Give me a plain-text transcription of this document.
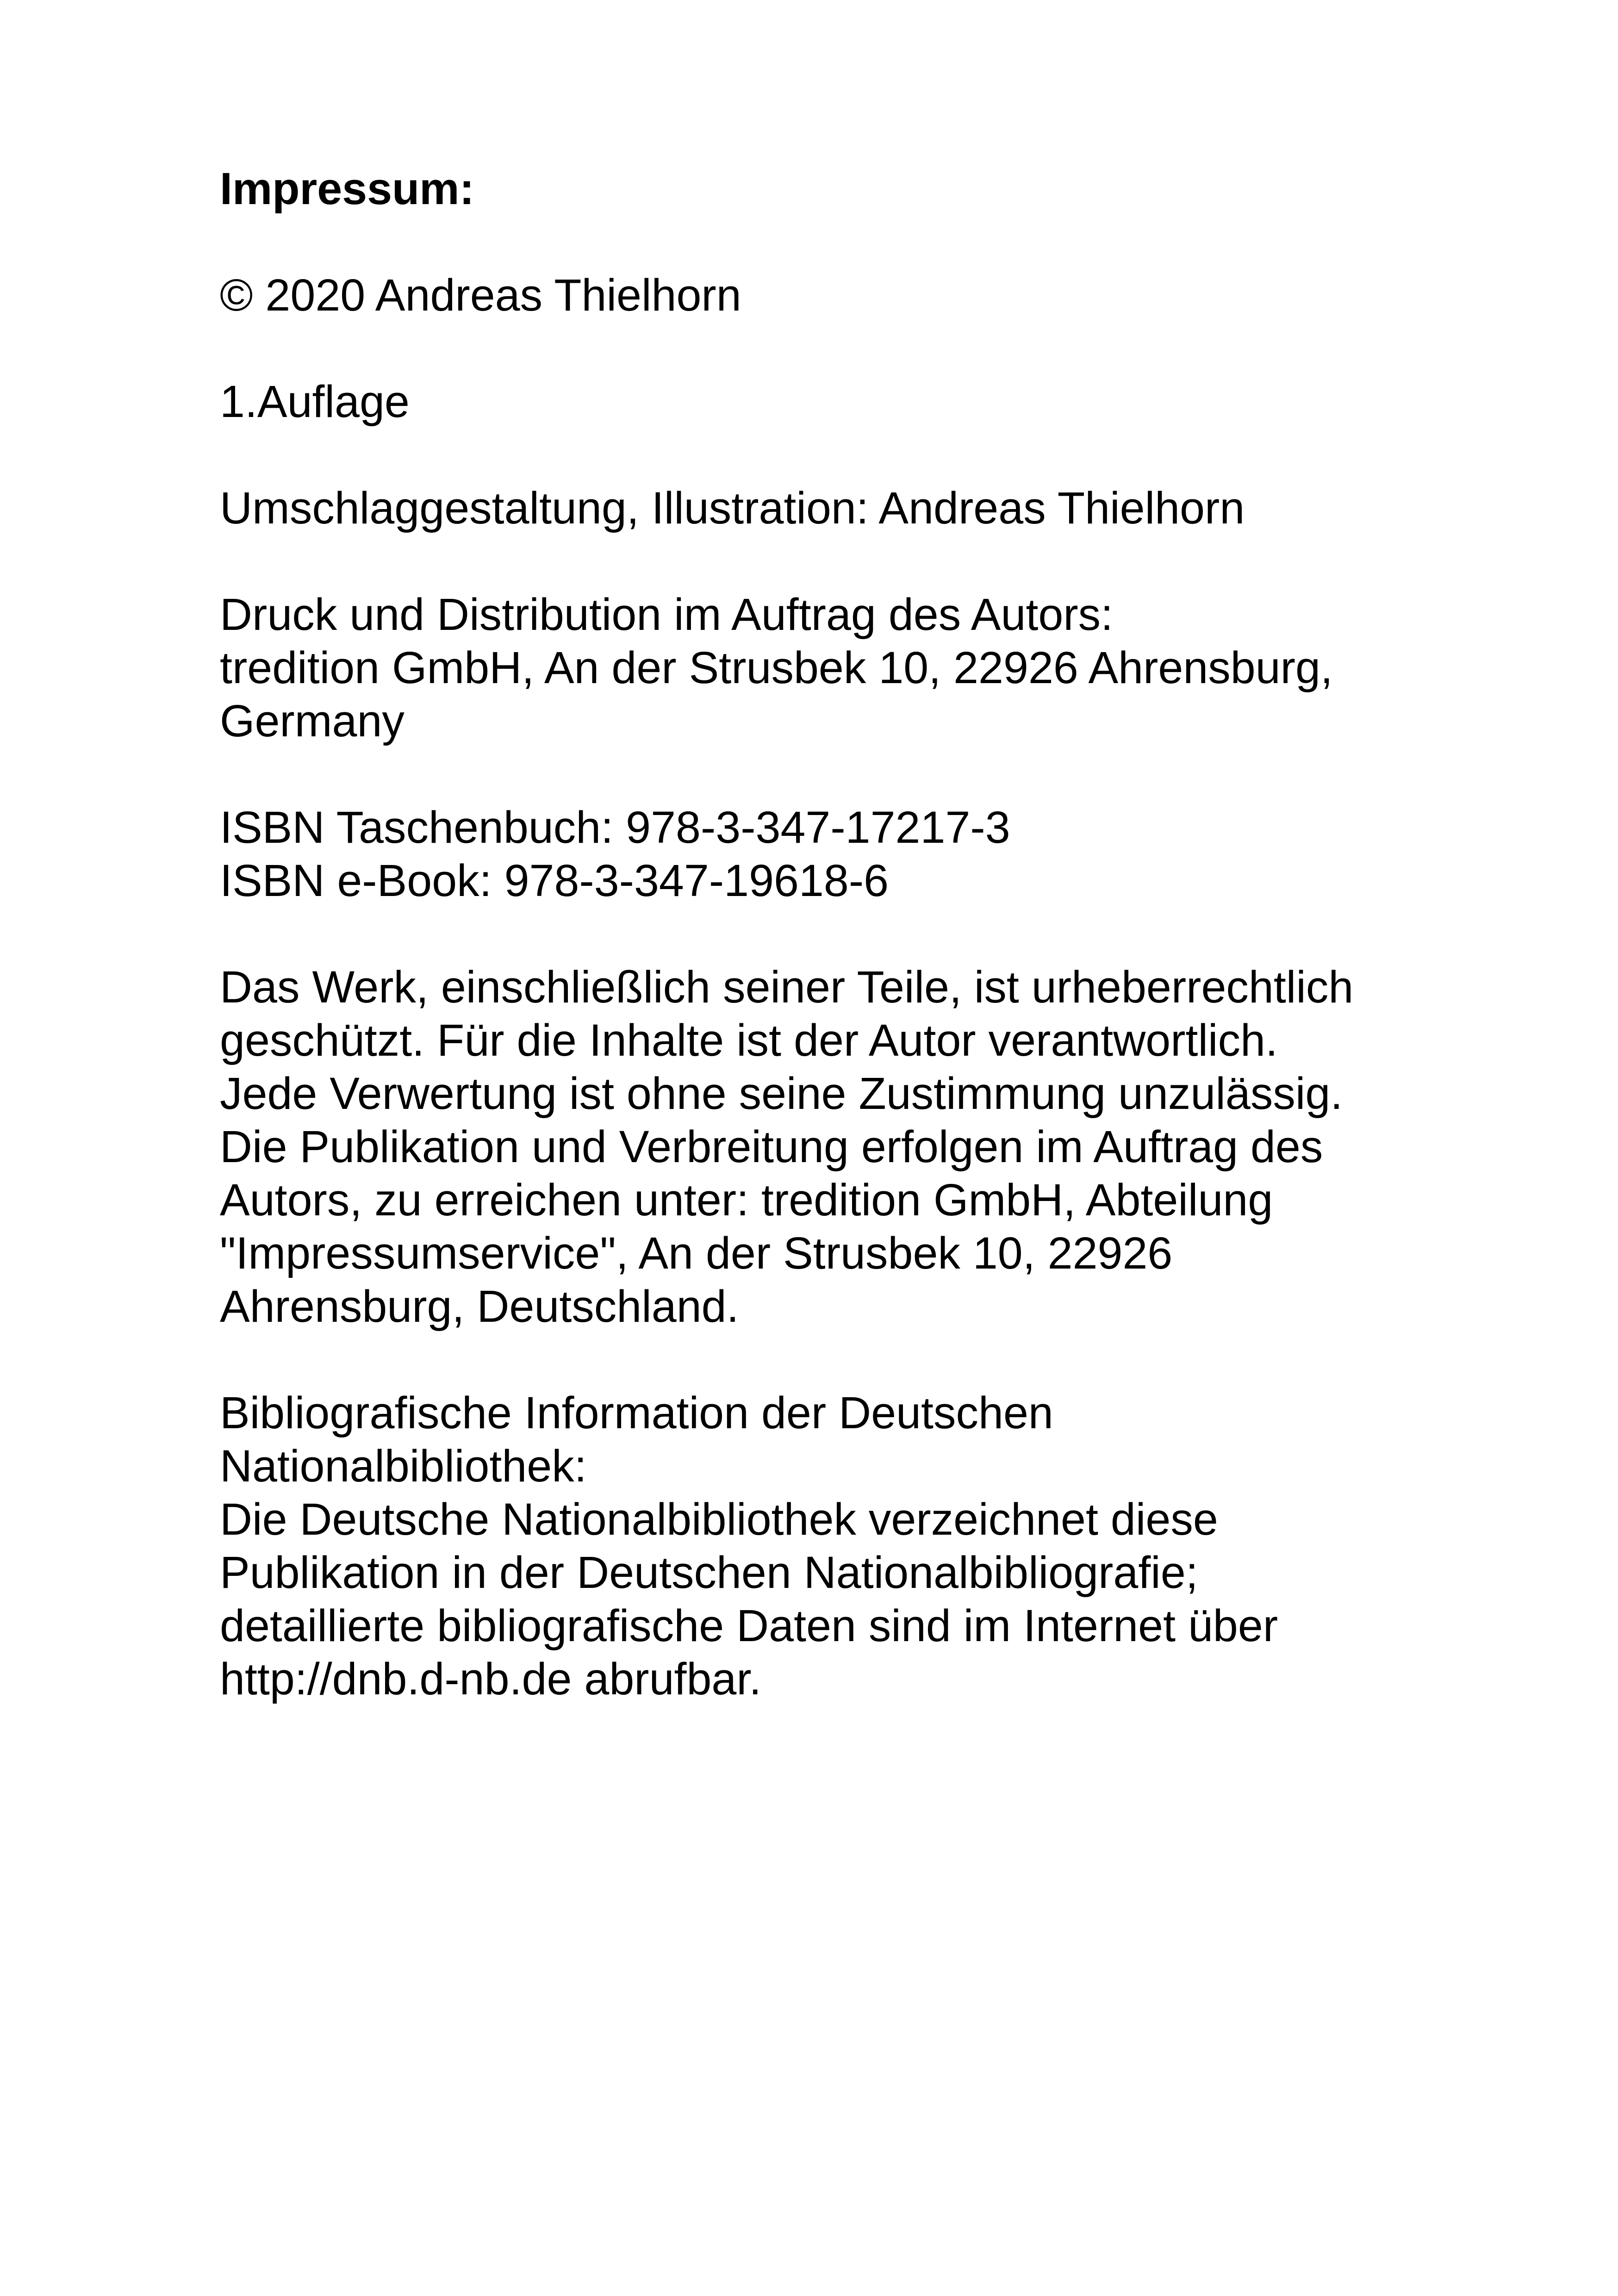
Impressum:
© 2020 Andreas Thielhorn
1.Auflage
Umschlaggestaltung, Illustration: Andreas Thielhorn
Druck und Distribution im Auftrag des Autors:
tredition GmbH, An der Strusbek 10, 22926 Ahrensburg,
Germany
ISBN Taschenbuch: 978-3-347-17217-3
ISBN e-Book: 978-3-347-19618-6
Das Werk, einschließlich seiner Teile, ist urheberrechtlich
geschützt. Für die Inhalte ist der Autor verantwortlich.
Jede Verwertung ist ohne seine Zustimmung unzulässig.
Die Publikation und Verbreitung erfolgen im Auftrag des
Autors, zu erreichen unter: tredition GmbH, Abteilung
"Impressumservice", An der Strusbek 10, 22926
Ahrensburg, Deutschland.
Bibliografische Information der Deutschen
Nationalbibliothek:
Die Deutsche Nationalbibliothek verzeichnet diese
Publikation in der Deutschen Nationalbibliografie;
detaillierte bibliografische Daten sind im Internet über
http://dnb.d-nb.de abrufbar.
